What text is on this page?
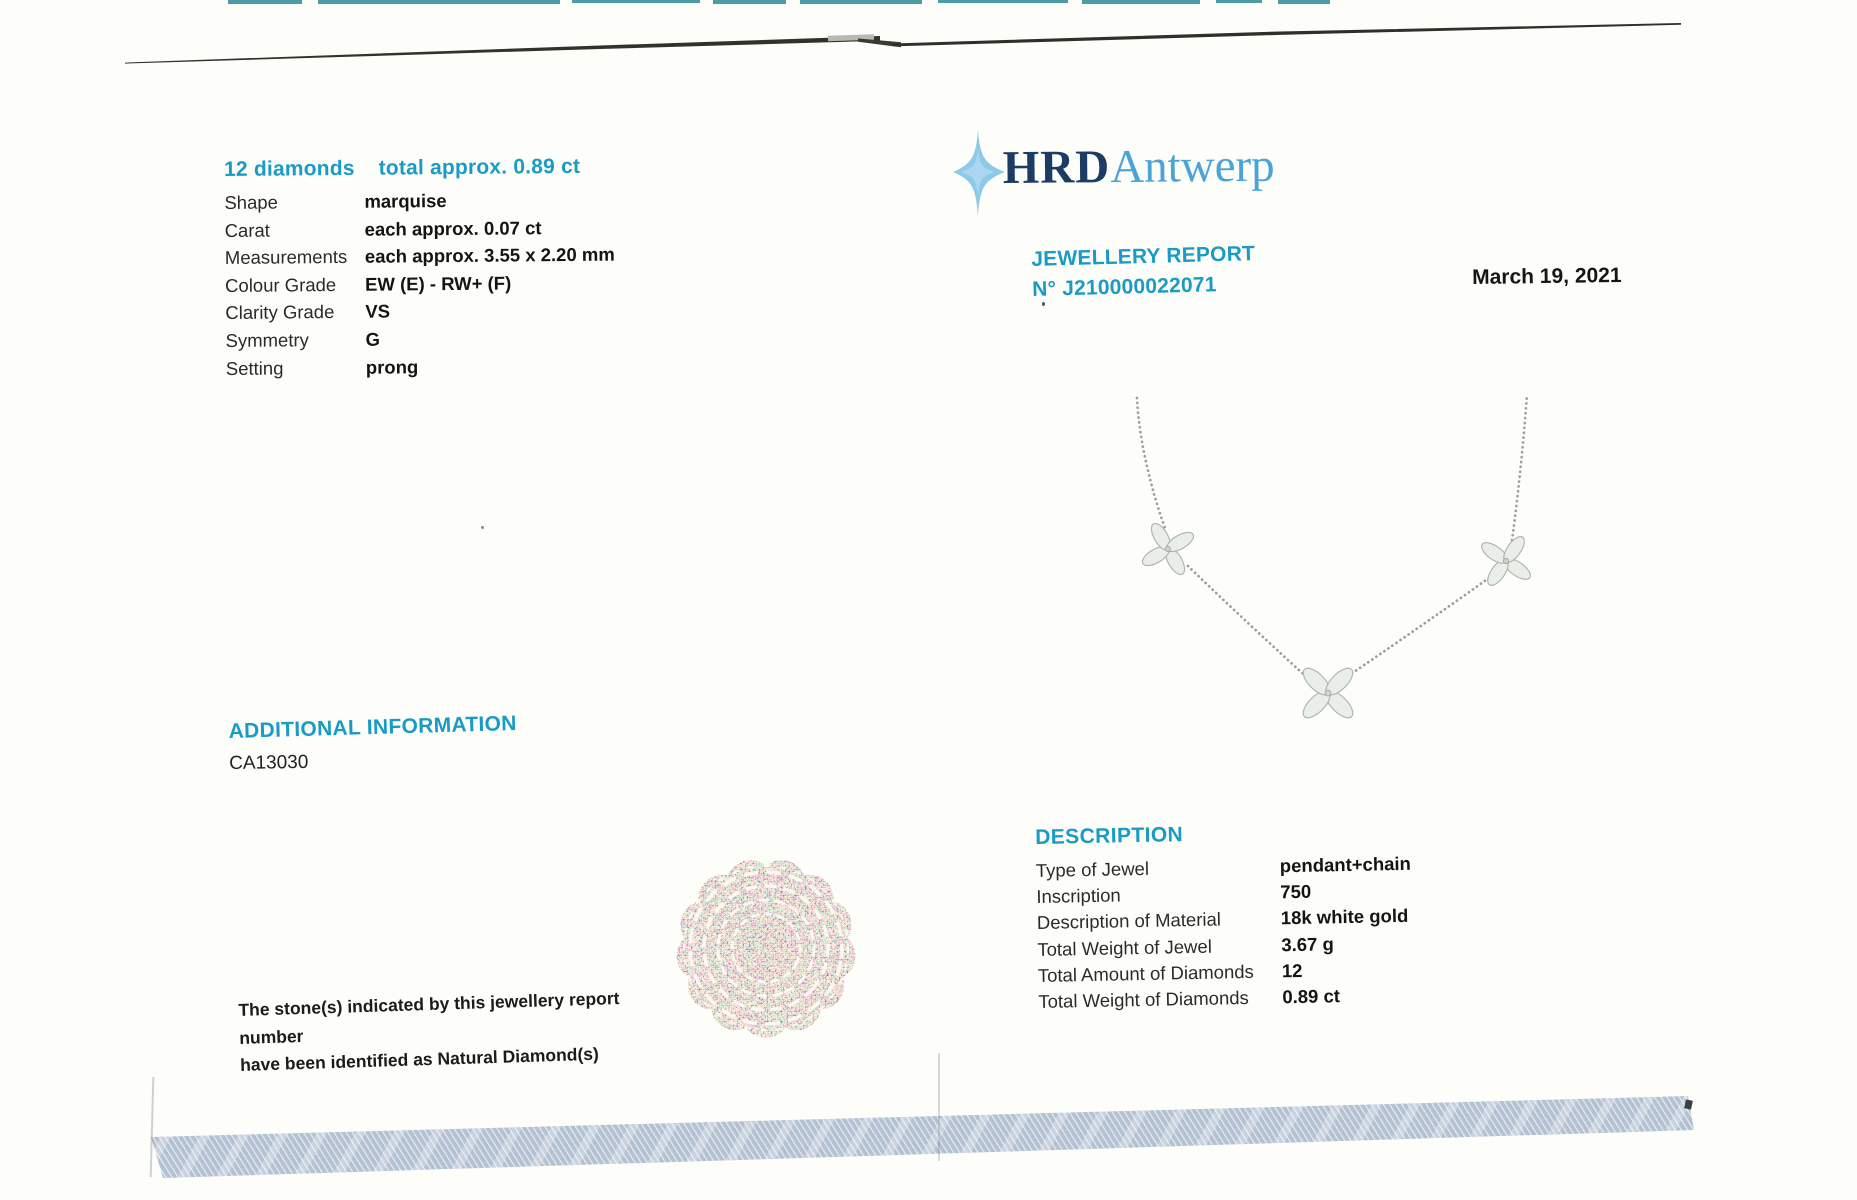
12 diamonds total approx. 0.89 ct
Shape	marquise
Carat	each approx. 0.07 ct
Measurements each approx. 3.55 x 2.20 mm
Colour Grade	EW (E) - RW+ (F)
Clarity Grade	VS
Symmetry	G
Setting	prong
ADDITIONAL INFORMATION
CA13030
The stone(s) indicated by this jewellery report number
have been identified as Natural Diamond(s)
HRDAntwerp
JEWELLERY REPORT
N° J210000022071	March 19, 2021
DESCRIPTION
Type of Jewel	pendant+chain
Inscription	750
Description of Material	18k white gold
Total Weight of Jewel	3.67 g
Total Amount of Diamonds	12
Total Weight of Diamonds	0.89 ct
